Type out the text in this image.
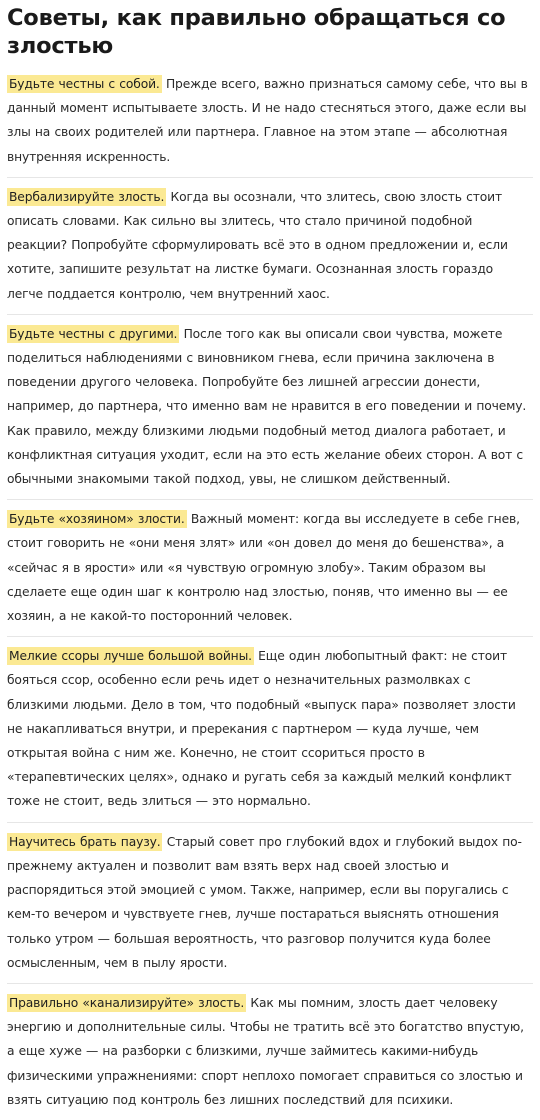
Советы, как правильно обращаться со злостью

Будьте честны с собой. Прежде всего, важно признаться самому себе, что вы в данный момент испытываете злость. И не надо стесняться этого, даже если вы злы на своих родителей или партнера. Главное на этом этапе — абсолютная внутренняя искренность.

Вербализируйте злость. Когда вы осознали, что злитесь, свою злость стоит описать словами. Как сильно вы злитесь, что стало причиной подобной реакции? Попробуйте сформулировать всё это в одном предложении и, если хотите, запишите результат на листке бумаги. Осознанная злость гораздо легче поддается контролю, чем внутренний хаос.

Будьте честны с другими. После того как вы описали свои чувства, можете поделиться наблюдениями с виновником гнева, если причина заключена в поведении другого человека. Попробуйте без лишней агрессии донести, например, до партнера, что именно вам не нравится в его поведении и почему. Как правило, между близкими людьми подобный метод диалога работает, и конфликтная ситуация уходит, если на это есть желание обеих сторон. А вот с обычными знакомыми такой подход, увы, не слишком действенный.

Будьте «хозяином» злости. Важный момент: когда вы исследуете в себе гнев, стоит говорить не «они меня злят» или «он довел до меня до бешенства», а «сейчас я в ярости» или «я чувствую огромную злобу». Таким образом вы сделаете еще один шаг к контролю над злостью, поняв, что именно вы — ее хозяин, а не какой-то посторонний человек.

Мелкие ссоры лучше большой войны. Еще один любопытный факт: не стоит бояться ссор, особенно если речь идет о незначительных размолвках с близкими людьми. Дело в том, что подобный «выпуск пара» позволяет злости не накапливаться внутри, и пререкания с партнером — куда лучше, чем открытая война с ним же. Конечно, не стоит ссориться просто в «терапевтических целях», однако и ругать себя за каждый мелкий конфликт тоже не стоит, ведь злиться — это нормально.

Научитесь брать паузу. Старый совет про глубокий вдох и глубокий выдох по-прежнему актуален и позволит вам взять верх над своей злостью и распорядиться этой эмоцией с умом. Также, например, если вы поругались с кем-то вечером и чувствуете гнев, лучше постараться выяснять отношения только утром — большая вероятность, что разговор получится куда более осмысленным, чем в пылу ярости.

Правильно «канализируйте» злость. Как мы помним, злость дает человеку энергию и дополнительные силы. Чтобы не тратить всё это богатство впустую, а еще хуже — на разборки с близкими, лучше займитесь какими-нибудь физическими упражнениями: спорт неплохо помогает справиться со злостью и взять ситуацию под контроль без лишних последствий для психики.
